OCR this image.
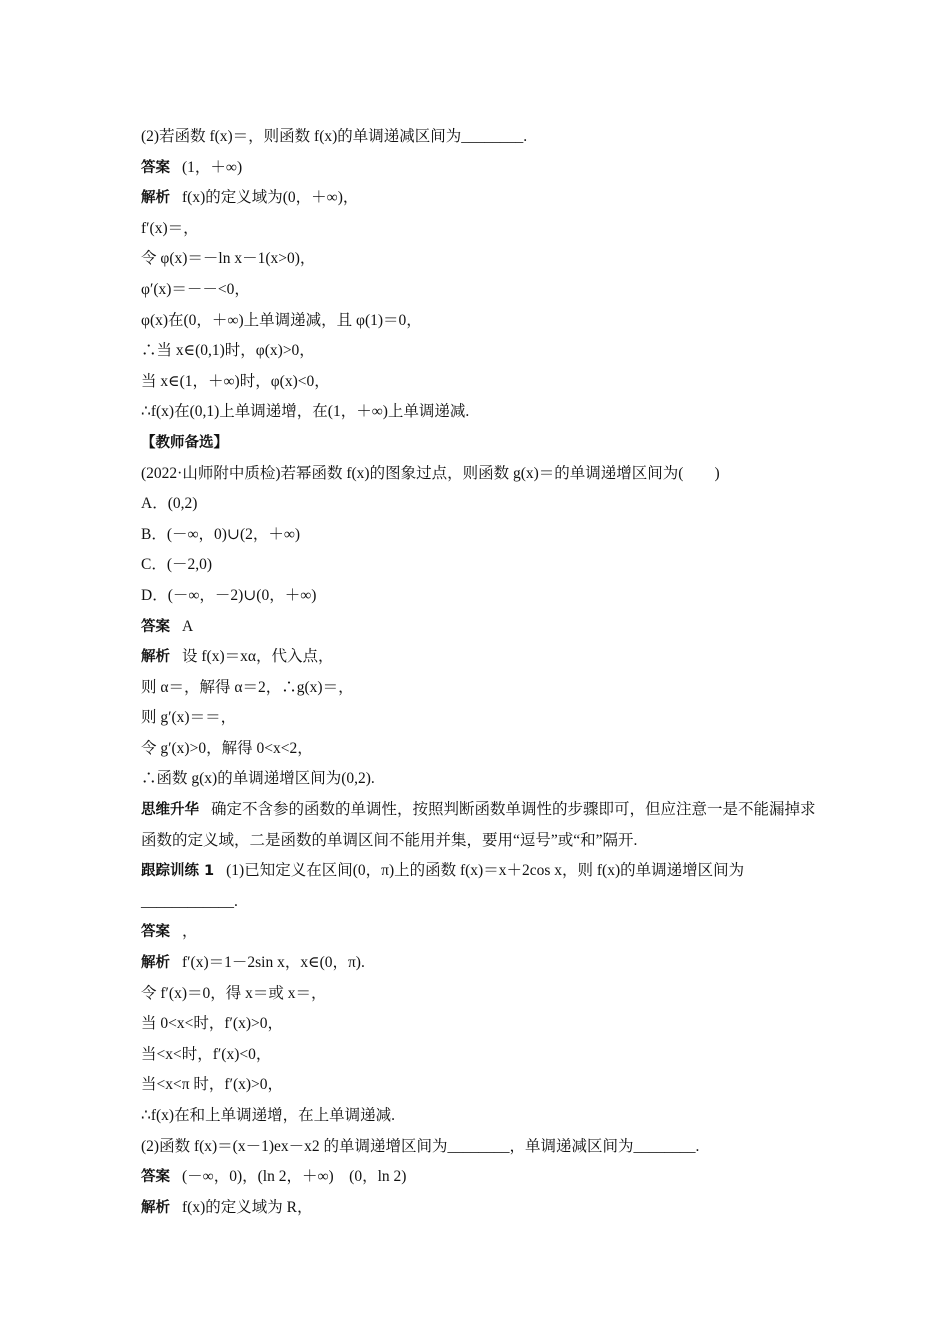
(2)若函数 f(x)＝，则函数 f(x)的单调递减区间为________.
答案 (1，＋∞)
解析 f(x)的定义域为(0，＋∞)，
f′(x)＝，
令 φ(x)＝－ln x－1(x>0)，
φ′(x)＝－－<0，
φ(x)在(0，＋∞)上单调递减，且 φ(1)＝0，
∴当 x∈(0,1)时，φ(x)>0，
当 x∈(1，＋∞)时，φ(x)<0，
∴f(x)在(0,1)上单调递增，在(1，＋∞)上单调递减.
【教师备选】
(2022·山师附中质检)若幂函数 f(x)的图象过点，则函数 g(x)＝的单调递增区间为(　　)
A．(0,2)
B．(－∞，0)∪(2，＋∞)
C．(－2,0)
D．(－∞，－2)∪(0，＋∞)
答案 A
解析 设 f(x)＝xα，代入点，
则 α＝，解得 α＝2，∴g(x)＝，
则 g′(x)＝＝，
令 g′(x)>0，解得 0<x<2，
∴函数 g(x)的单调递增区间为(0,2).
思维升华 确定不含参的函数的单调性，按照判断函数单调性的步骤即可，但应注意一是不能漏掉求函数的定义域，二是函数的单调区间不能用并集，要用“逗号”或“和”隔开.
跟踪训练 1 (1)已知定义在区间(0，π)上的函数 f(x)＝x＋2cos x，则 f(x)的单调递增区间为____________.
答案 ，
解析 f′(x)＝1－2sin x，x∈(0，π).
令 f′(x)＝0，得 x＝或 x＝，
当 0<x<时，f′(x)>0，
当<x<时，f′(x)<0，
当<x<π 时，f′(x)>0，
∴f(x)在和上单调递增，在上单调递减.
(2)函数 f(x)＝(x－1)ex－x2 的单调递增区间为________，单调递减区间为________.
答案 (－∞，0)，(ln 2，＋∞)　(0，ln 2)
解析 f(x)的定义域为 R，
